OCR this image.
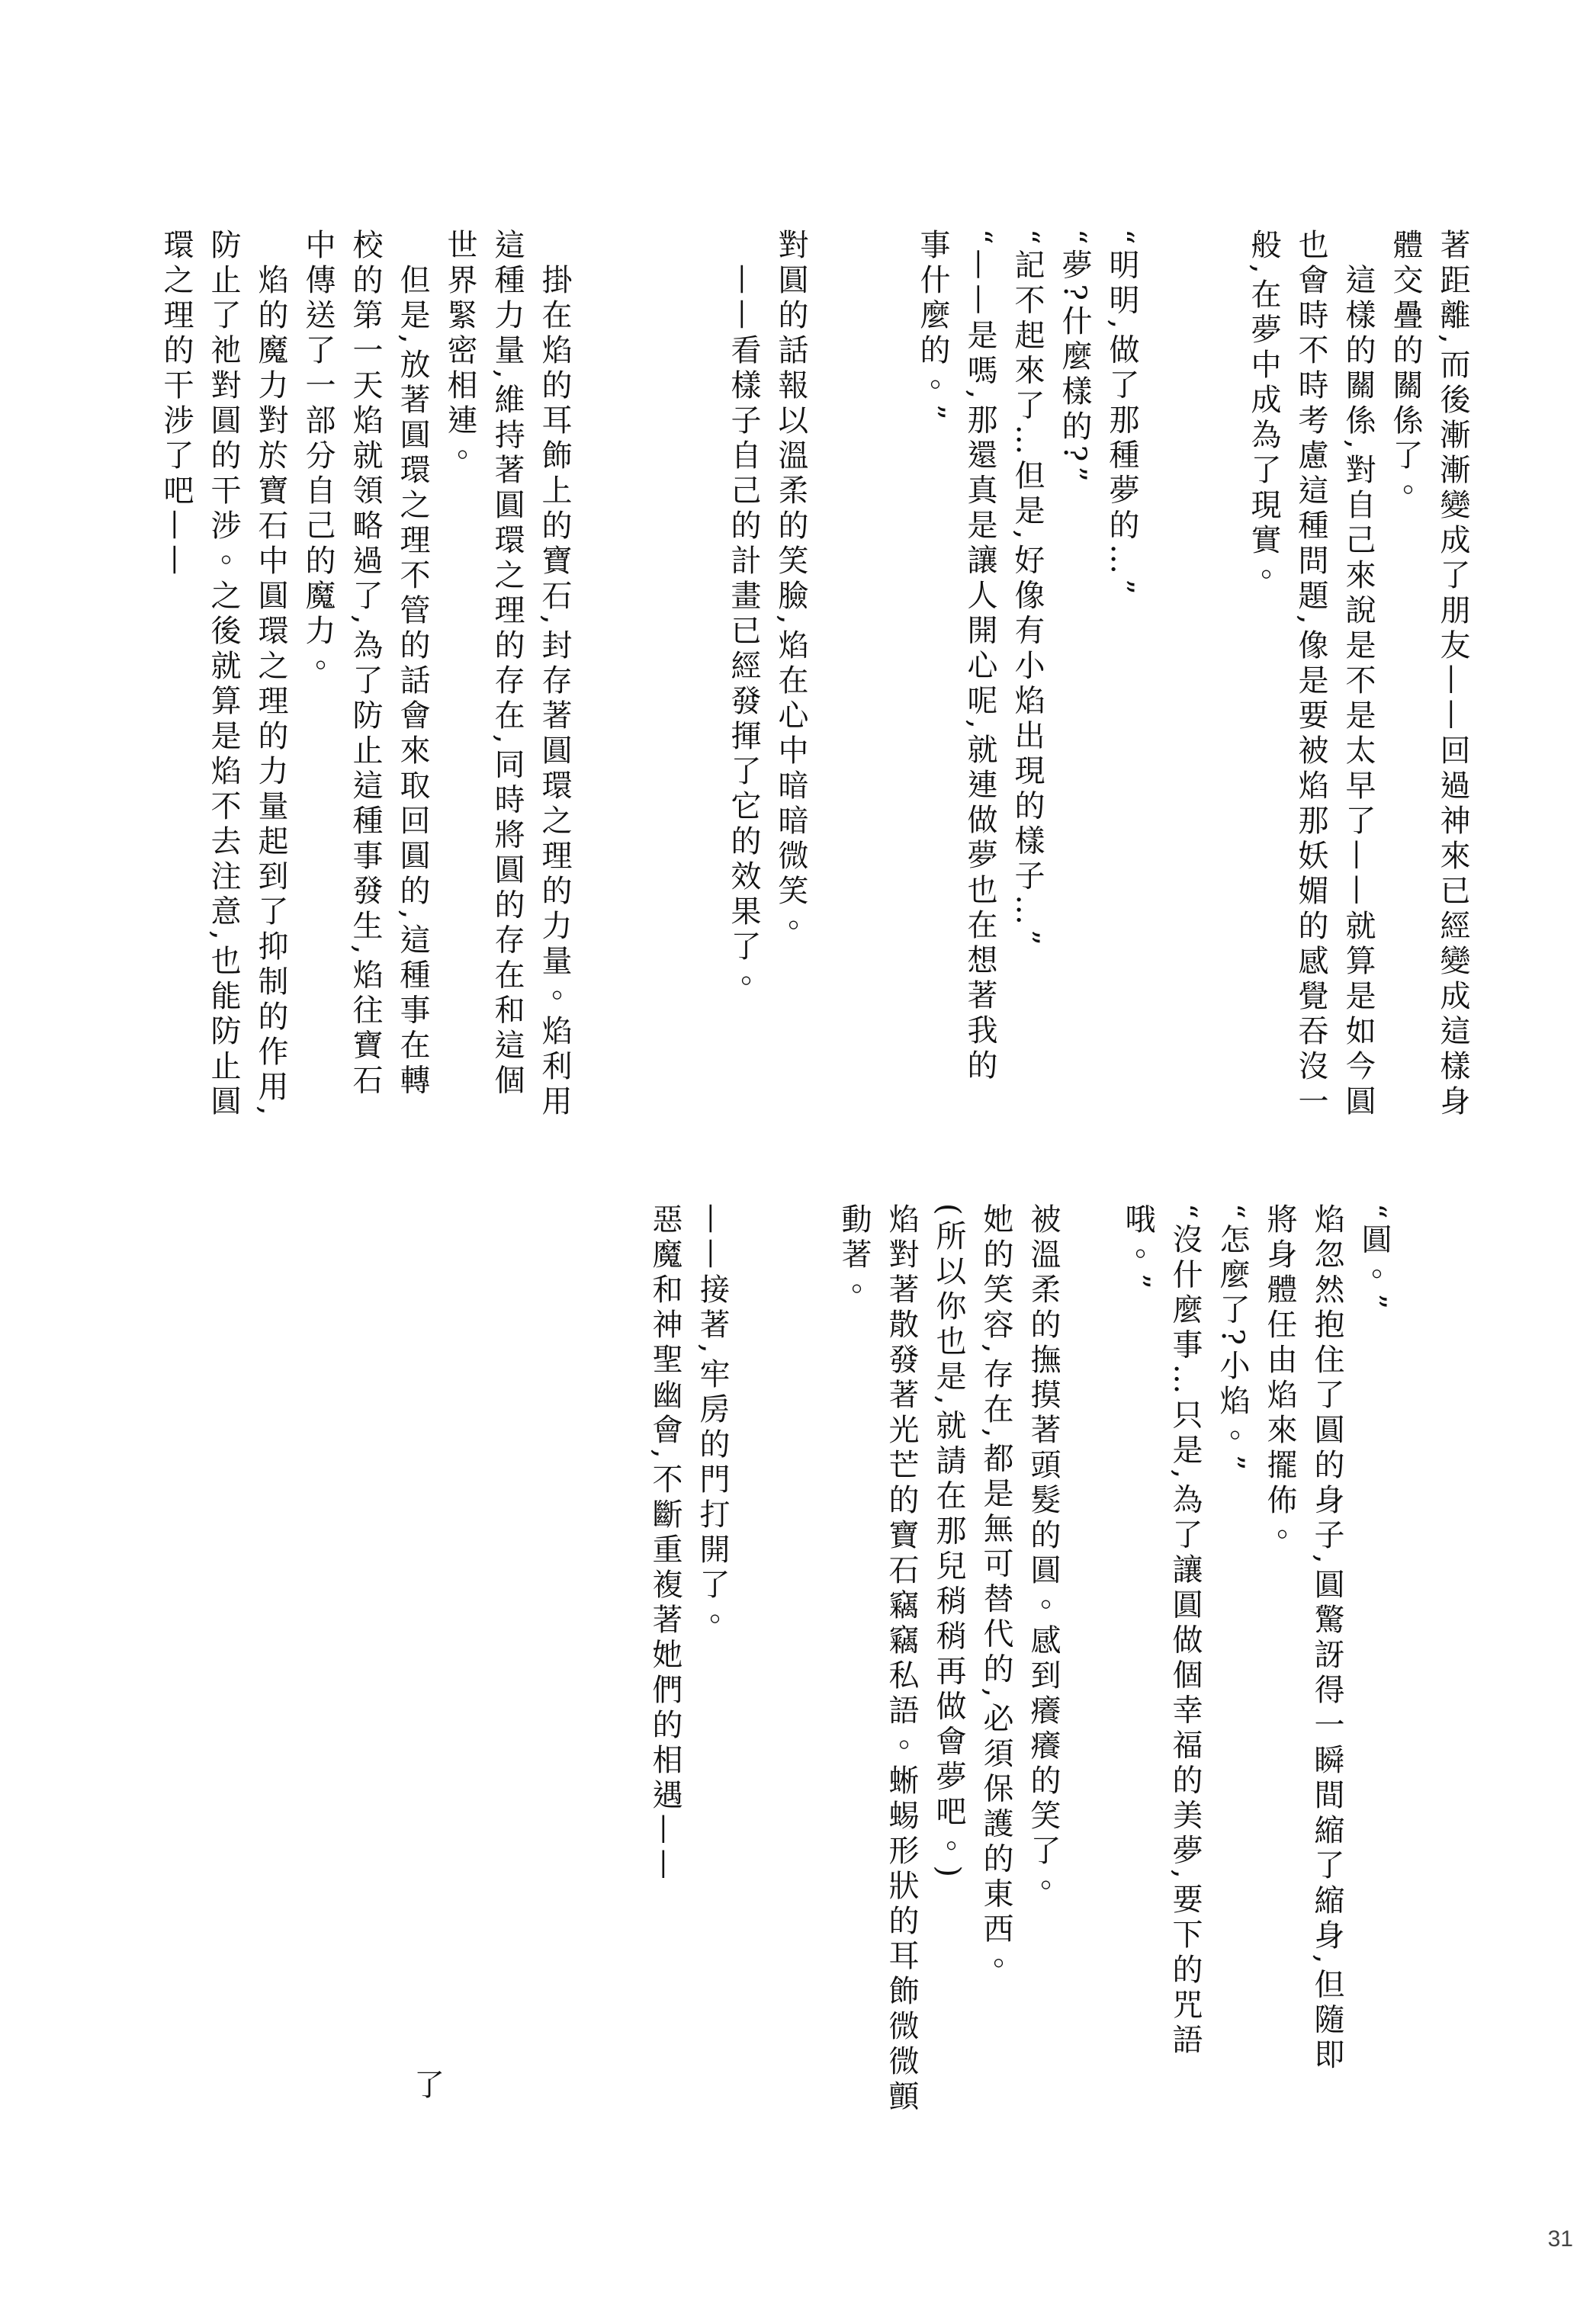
著距離,而後漸漸變成了朋友——回過神來已經變成這樣身
體交疊的關係了。
　這樣的關係,對自己來說是不是太早了——就算是如今圓
也會時不時考慮這種問題,像是要被焰那妖媚的感覺吞沒一
般,在夢中成為了現實。
“明明,做了那種夢的…”
“夢?什麼樣的?”
“記不起來了…但是,好像有小焰出現的樣子…”
“——是嗎,那還真是讓人開心呢,就連做夢也在想著我的
事什麼的。”
對圓的話報以溫柔的笑臉,焰在心中暗暗微笑。
　——看樣子自己的計畫已經發揮了它的效果了。
　掛在焰的耳飾上的寶石,封存著圓環之理的力量。焰利用
這種力量,維持著圓環之理的存在,同時將圓的存在和這個
世界緊密相連。
　但是,放著圓環之理不管的話會來取回圓的,這種事在轉
校的第一天焰就領略過了,為了防止這種事發生,焰往寶石
中傳送了一部分自己的魔力。
　焰的魔力對於寶石中圓環之理的力量起到了抑制的作用,
防止了祂對圓的干涉。之後就算是焰不去注意,也能防止圓
環之理的干涉了吧——
“圓。”
焰忽然抱住了圓的身子,圓驚訝得一瞬間縮了縮身,但隨即
將身體任由焰來擺佈。
“怎麼了?小焰。”
“沒什麼事…只是,為了讓圓做個幸福的美夢,要下的咒語
哦。”
被溫柔的撫摸著頭髮的圓。感到癢癢的笑了。
她的笑容,存在,都是無可替代的,必須保護的東西。
(所以你也是,就請在那兒稍稍再做會夢吧。)
焰對著散發著光芒的寶石竊竊私語。蜥蜴形狀的耳飾微微顫
動著。
——接著,牢房的門打開了。
惡魔和神聖幽會,不斷重複著她們的相遇——
了
31
